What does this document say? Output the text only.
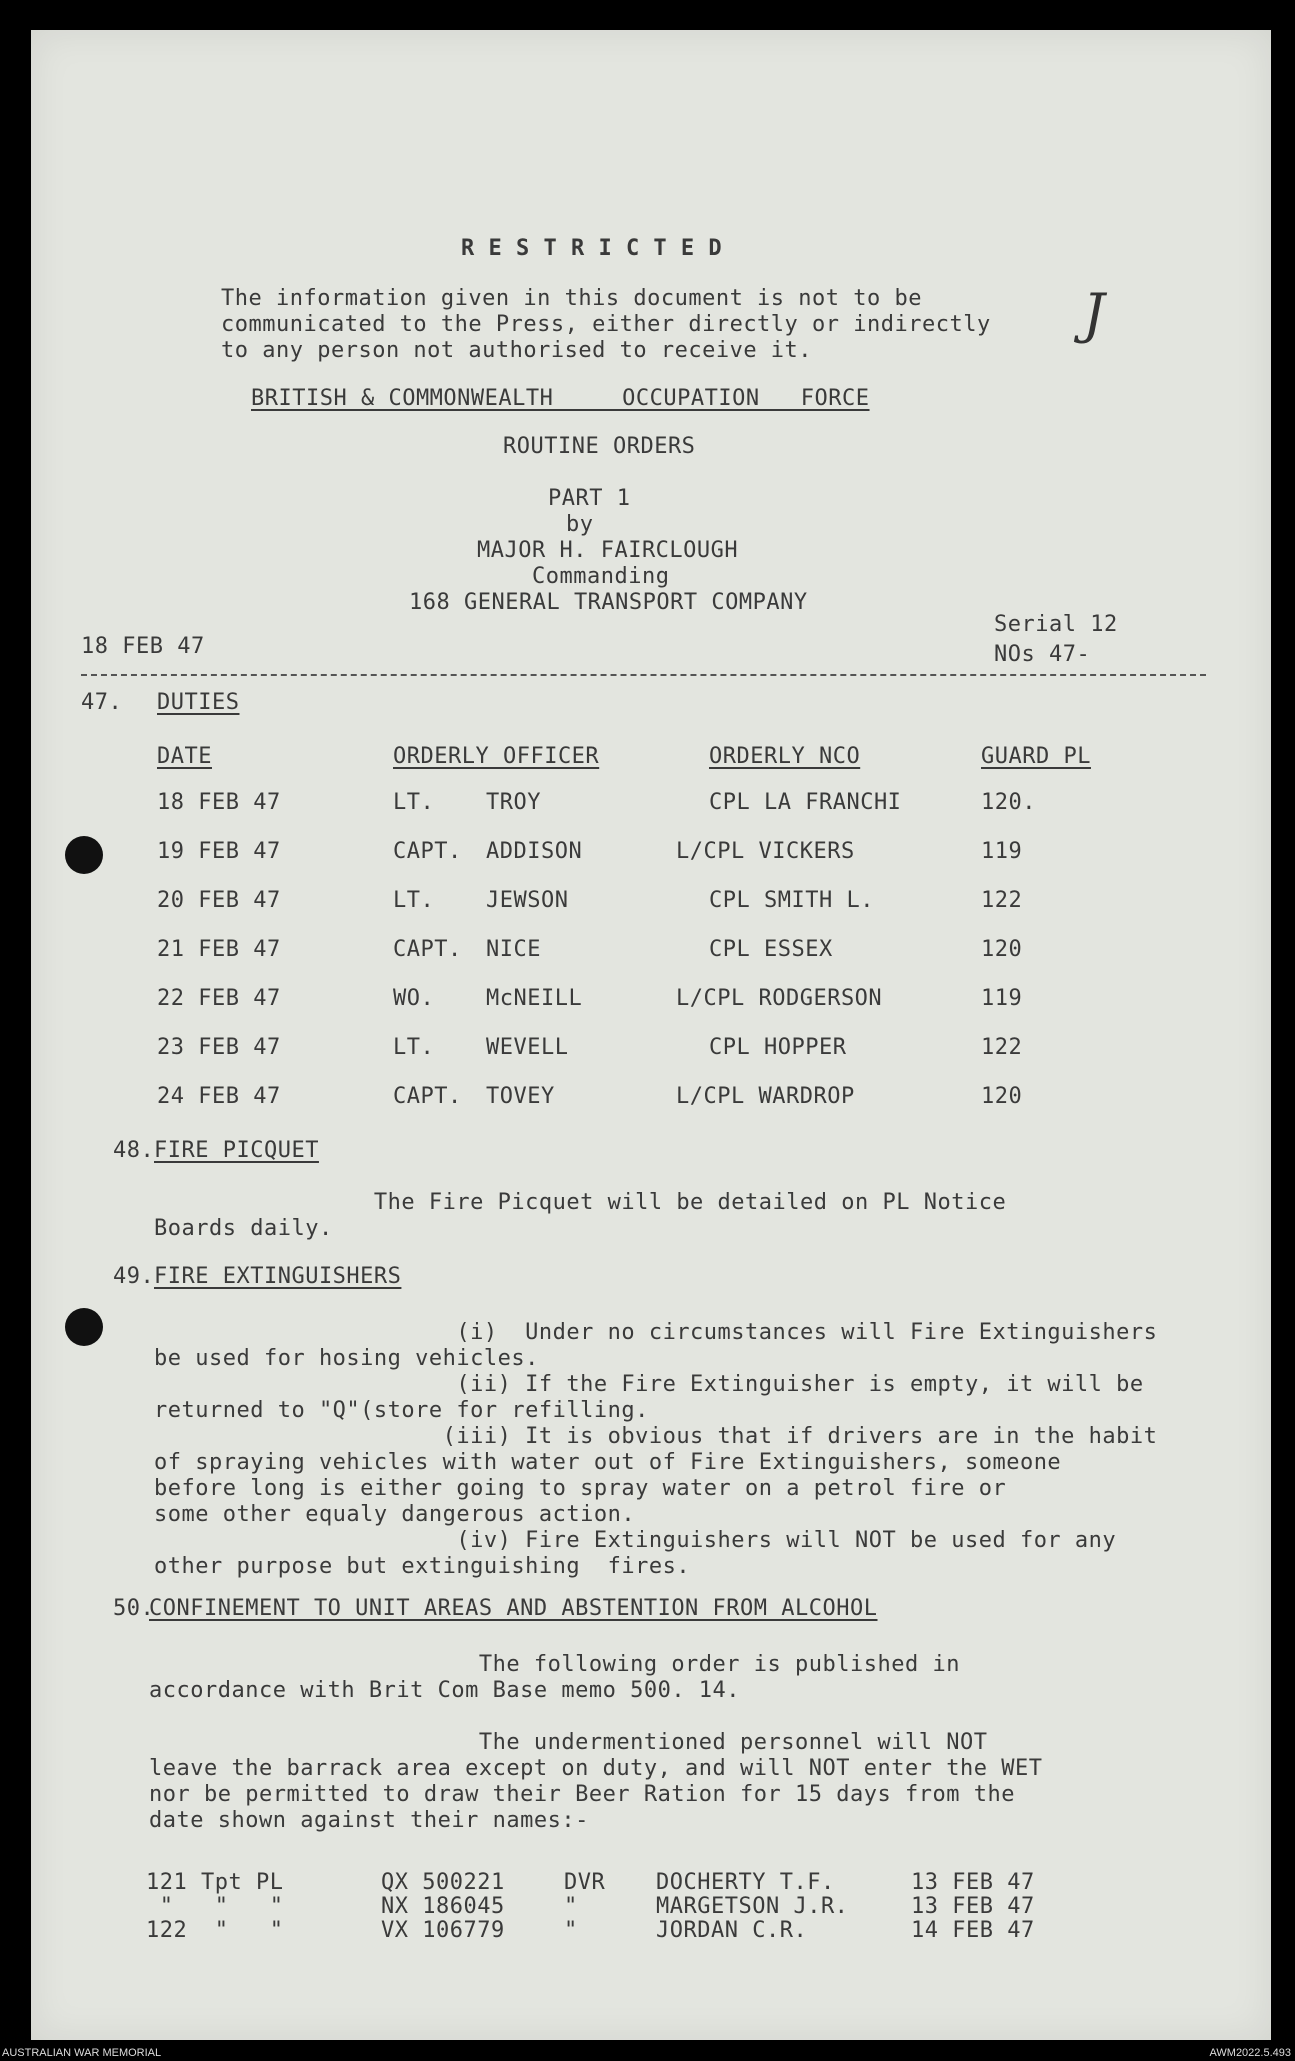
J
R E S T R I C T E D
The information given in this document is not to be
communicated to the Press, either directly or indirectly
to any person not authorised to receive it.
BRITISH & COMMONWEALTH     OCCUPATION   FORCE
ROUTINE ORDERS
PART 1
by
MAJOR H. FAIRCLOUGH
Commanding
168 GENERAL TRANSPORT COMPANY
18 FEB 47
Serial 12
NOs 47-
47. DUTIES
DATE	ORDERLY OFFICER	ORDERLY NCO	GUARD PL
18 FEB 47	LT. TROY	CPL LA FRANCHI	120.
19 FEB 47	CAPT. ADDISON	L/CPL VICKERS	119
20 FEB 47	LT. JEWSON	CPL SMITH L.	122
21 FEB 47	CAPT. NICE	CPL ESSEX	120
22 FEB 47	WO. McNEILL	L/CPL RODGERSON	119
23 FEB 47	LT. WEVELL	CPL HOPPER	122
24 FEB 47	CAPT. TOVEY	L/CPL WARDROP	120
48. FIRE PICQUET
The Fire Picquet will be detailed on PL Notice
Boards daily.
49. FIRE EXTINGUISHERS
(i)  Under no circumstances will Fire Extinguishers
be used for hosing vehicles.
(ii) If the Fire Extinguisher is empty, it will be
returned to "Q"(store for refilling.
(iii) It is obvious that if drivers are in the habit
of spraying vehicles with water out of Fire Extinguishers, someone
before long is either going to spray water on a petrol fire or
some other equaly dangerous action.
(iv) Fire Extinguishers will NOT be used for any
other purpose but extinguishing  fires.
50.
CONFINEMENT TO UNIT AREAS AND ABSTENTION FROM ALCOHOL
The following order is published in
accordance with Brit Com Base memo 500. 14.
The undermentioned personnel will NOT
leave the barrack area except on duty, and will NOT enter the WET
nor be permitted to draw their Beer Ration for 15 days from the
date shown against their names:-
121 Tpt PL	QX 500221	DVR DOCHERTY T.F.	13 FEB 47
"   "   "	NX 186045	"	MARGETSON J.R.	13 FEB 47
122  "   "	VX 106779	"	JORDAN C.R.	14 FEB 47
AUSTRALIAN WAR MEMORIAL	AWM2022.5.493
